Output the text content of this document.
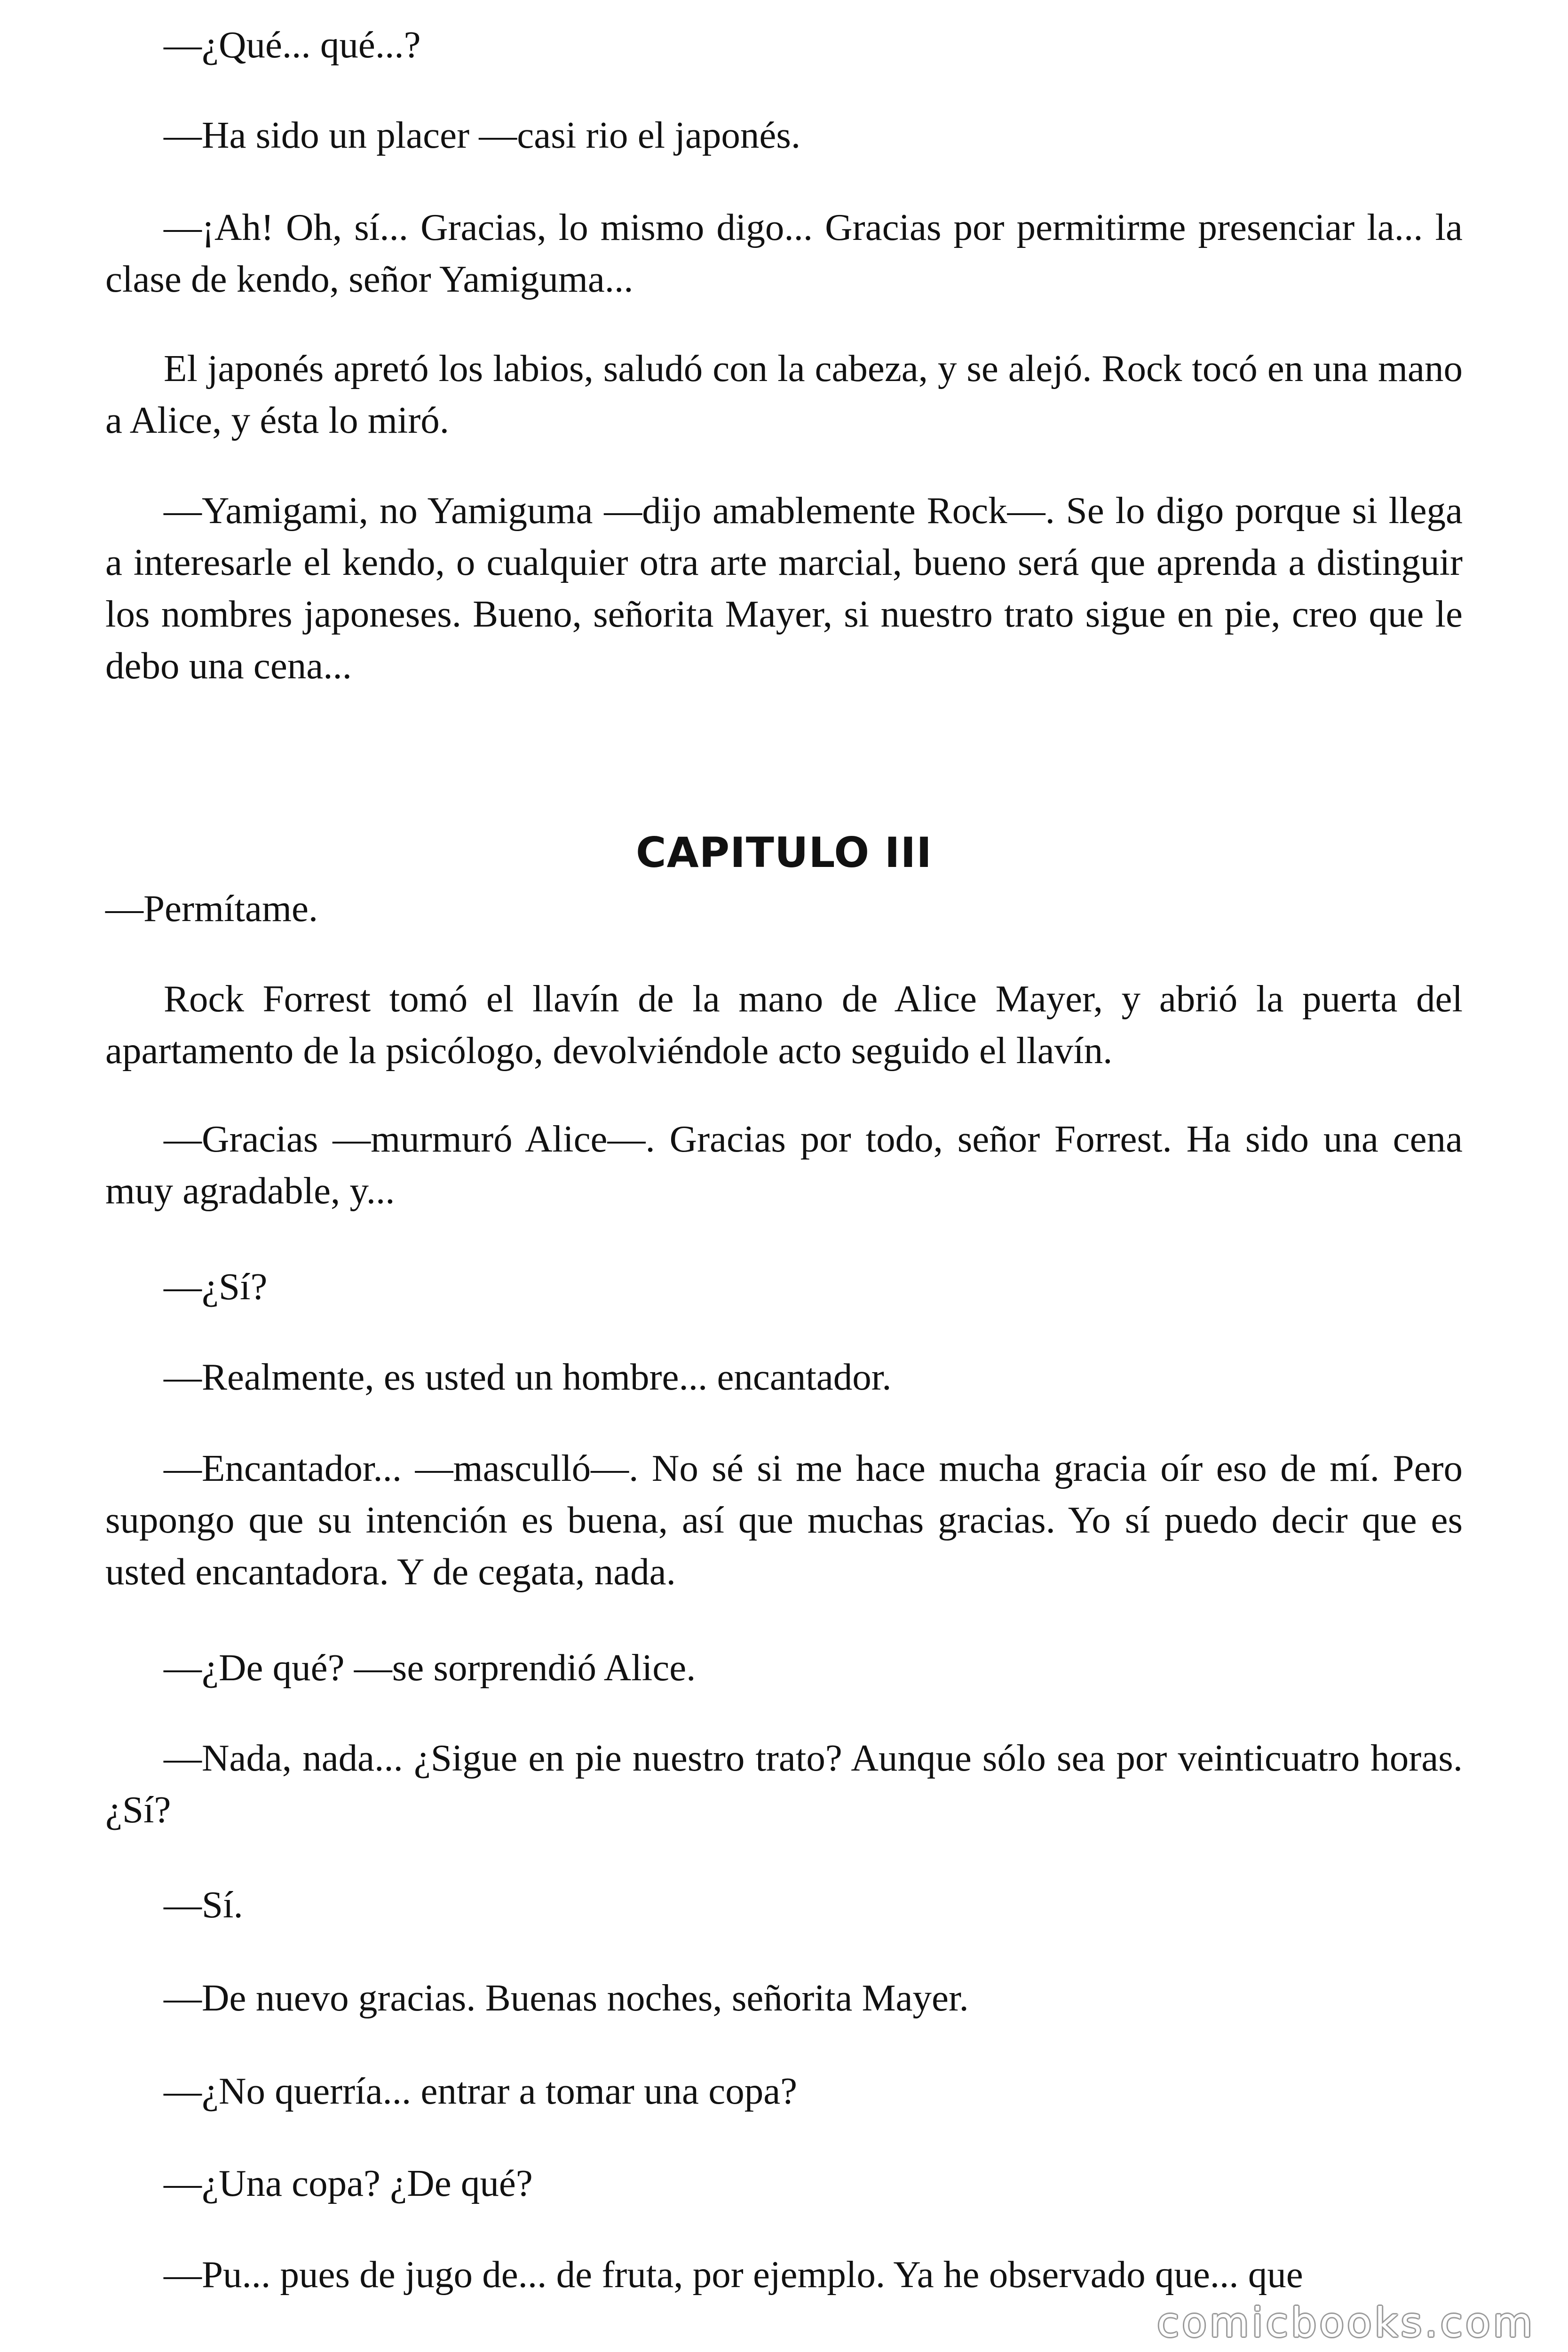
—¿Qué... qué...?

—Ha sido un placer —casi rio el japonés.

—¡Ah! Oh, sí... Gracias, lo mismo digo... Gracias por permitirme presenciar la... la clase de kendo, señor Yamiguma...

El japonés apretó los labios, saludó con la cabeza, y se alejó. Rock tocó en una mano a Alice, y ésta lo miró.

—Yamigami, no Yamiguma —dijo amablemente Rock—. Se lo digo porque si llega a interesarle el kendo, o cualquier otra arte marcial, bueno será que aprenda a distinguir los nombres japoneses. Bueno, señorita Mayer, si nuestro trato sigue en pie, creo que le debo una cena...

CAPITULO III

—Permítame.

Rock Forrest tomó el llavín de la mano de Alice Mayer, y abrió la puerta del apartamento de la psicólogo, devolviéndole acto seguido el llavín.

—Gracias —murmuró Alice—. Gracias por todo, señor Forrest. Ha sido una cena muy agradable, y...

—¿Sí?

—Realmente, es usted un hombre... encantador.

—Encantador... —masculló—. No sé si me hace mucha gracia oír eso de mí. Pero supongo que su intención es buena, así que muchas gracias. Yo sí puedo decir que es usted encantadora. Y de cegata, nada.

—¿De qué? —se sorprendió Alice.

—Nada, nada... ¿Sigue en pie nuestro trato? Aunque sólo sea por veinticuatro horas. ¿Sí?

—Sí.

—De nuevo gracias. Buenas noches, señorita Mayer.

—¿No querría... entrar a tomar una copa?

—¿Una copa? ¿De qué?

—Pu... pues de jugo de... de fruta, por ejemplo. Ya he observado que... que

comicbooks.com
